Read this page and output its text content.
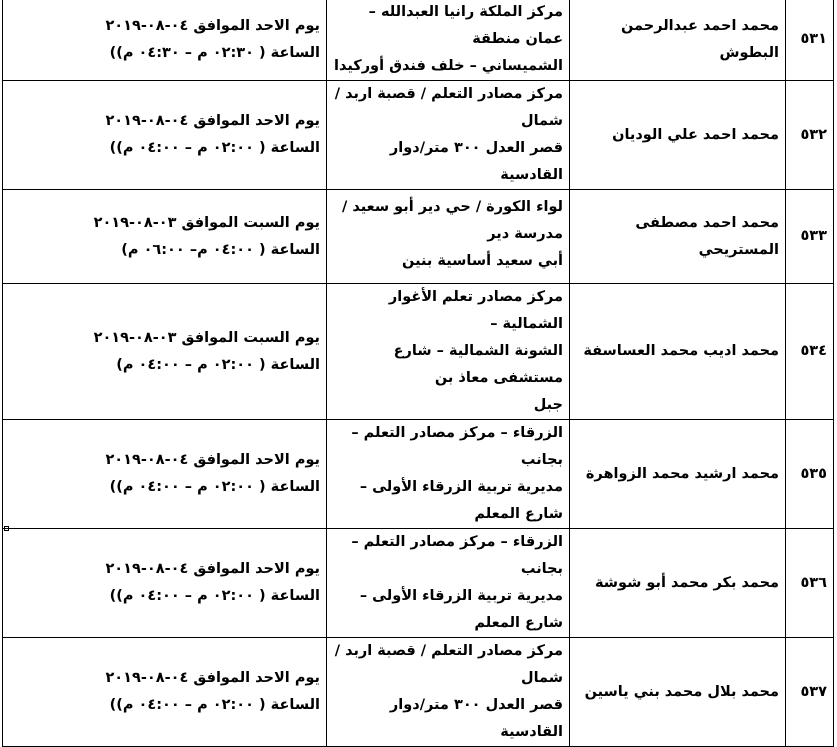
٥٣١	محمد احمد عبدالرحمن البطوش	مركز الملكة رانيا العبدالله – عمان منطقة
الشميساني – خلف فندق أوركيدا	يوم الاحد الموافق ٠٤-٠٨-٢٠١٩
الساعة ( ٠٢:٣٠ م – ٠٤:٣٠ م))

٥٣٢	محمد احمد علي الوديان	مركز مصادر التعلم / قصبة اربد / شمال
قصر العدل ٣٠٠ متر/دوار القادسية	يوم الاحد الموافق ٠٤-٠٨-٢٠١٩
الساعة ( ٠٢:٠٠ م – ٠٤:٠٠ م))

٥٣٣	محمد احمد مصطفى المستريحي	لواء الكورة / حي دير أبو سعيد /مدرسة دير
أبي سعيد أساسية بنين	يوم السبت الموافق ٠٣-٠٨-٢٠١٩
الساعة ( ٠٤:٠٠ م– ٠٦:٠٠ م)

٥٣٤	محمد اديب محمد العساسفة	مركز مصادر تعلم الأغوار الشمالية –
الشونة الشمالية – شارع مستشفى معاذ بن
جبل	يوم السبت الموافق ٠٣-٠٨-٢٠١٩
الساعة ( ٠٢:٠٠ م – ٠٤:٠٠ م)

٥٣٥	محمد ارشيد محمد الزواهرة	الزرقاء – مركز مصادر التعلم – بجانب
مديرية تربية الزرقاء الأولى – شارع المعلم	يوم الاحد الموافق ٠٤-٠٨-٢٠١٩
الساعة ( ٠٢:٠٠ م – ٠٤:٠٠ م))

٥٣٦	محمد بكر محمد أبو شوشة	الزرقاء – مركز مصادر التعلم – بجانب
مديرية تربية الزرقاء الأولى – شارع المعلم	يوم الاحد الموافق ٠٤-٠٨-٢٠١٩
الساعة ( ٠٢:٠٠ م – ٠٤:٠٠ م))

٥٣٧	محمد بلال محمد بني ياسين	مركز مصادر التعلم / قصبة اربد / شمال
قصر العدل ٣٠٠ متر/دوار القادسية	يوم الاحد الموافق ٠٤-٠٨-٢٠١٩
الساعة ( ٠٢:٠٠ م – ٠٤:٠٠ م))
